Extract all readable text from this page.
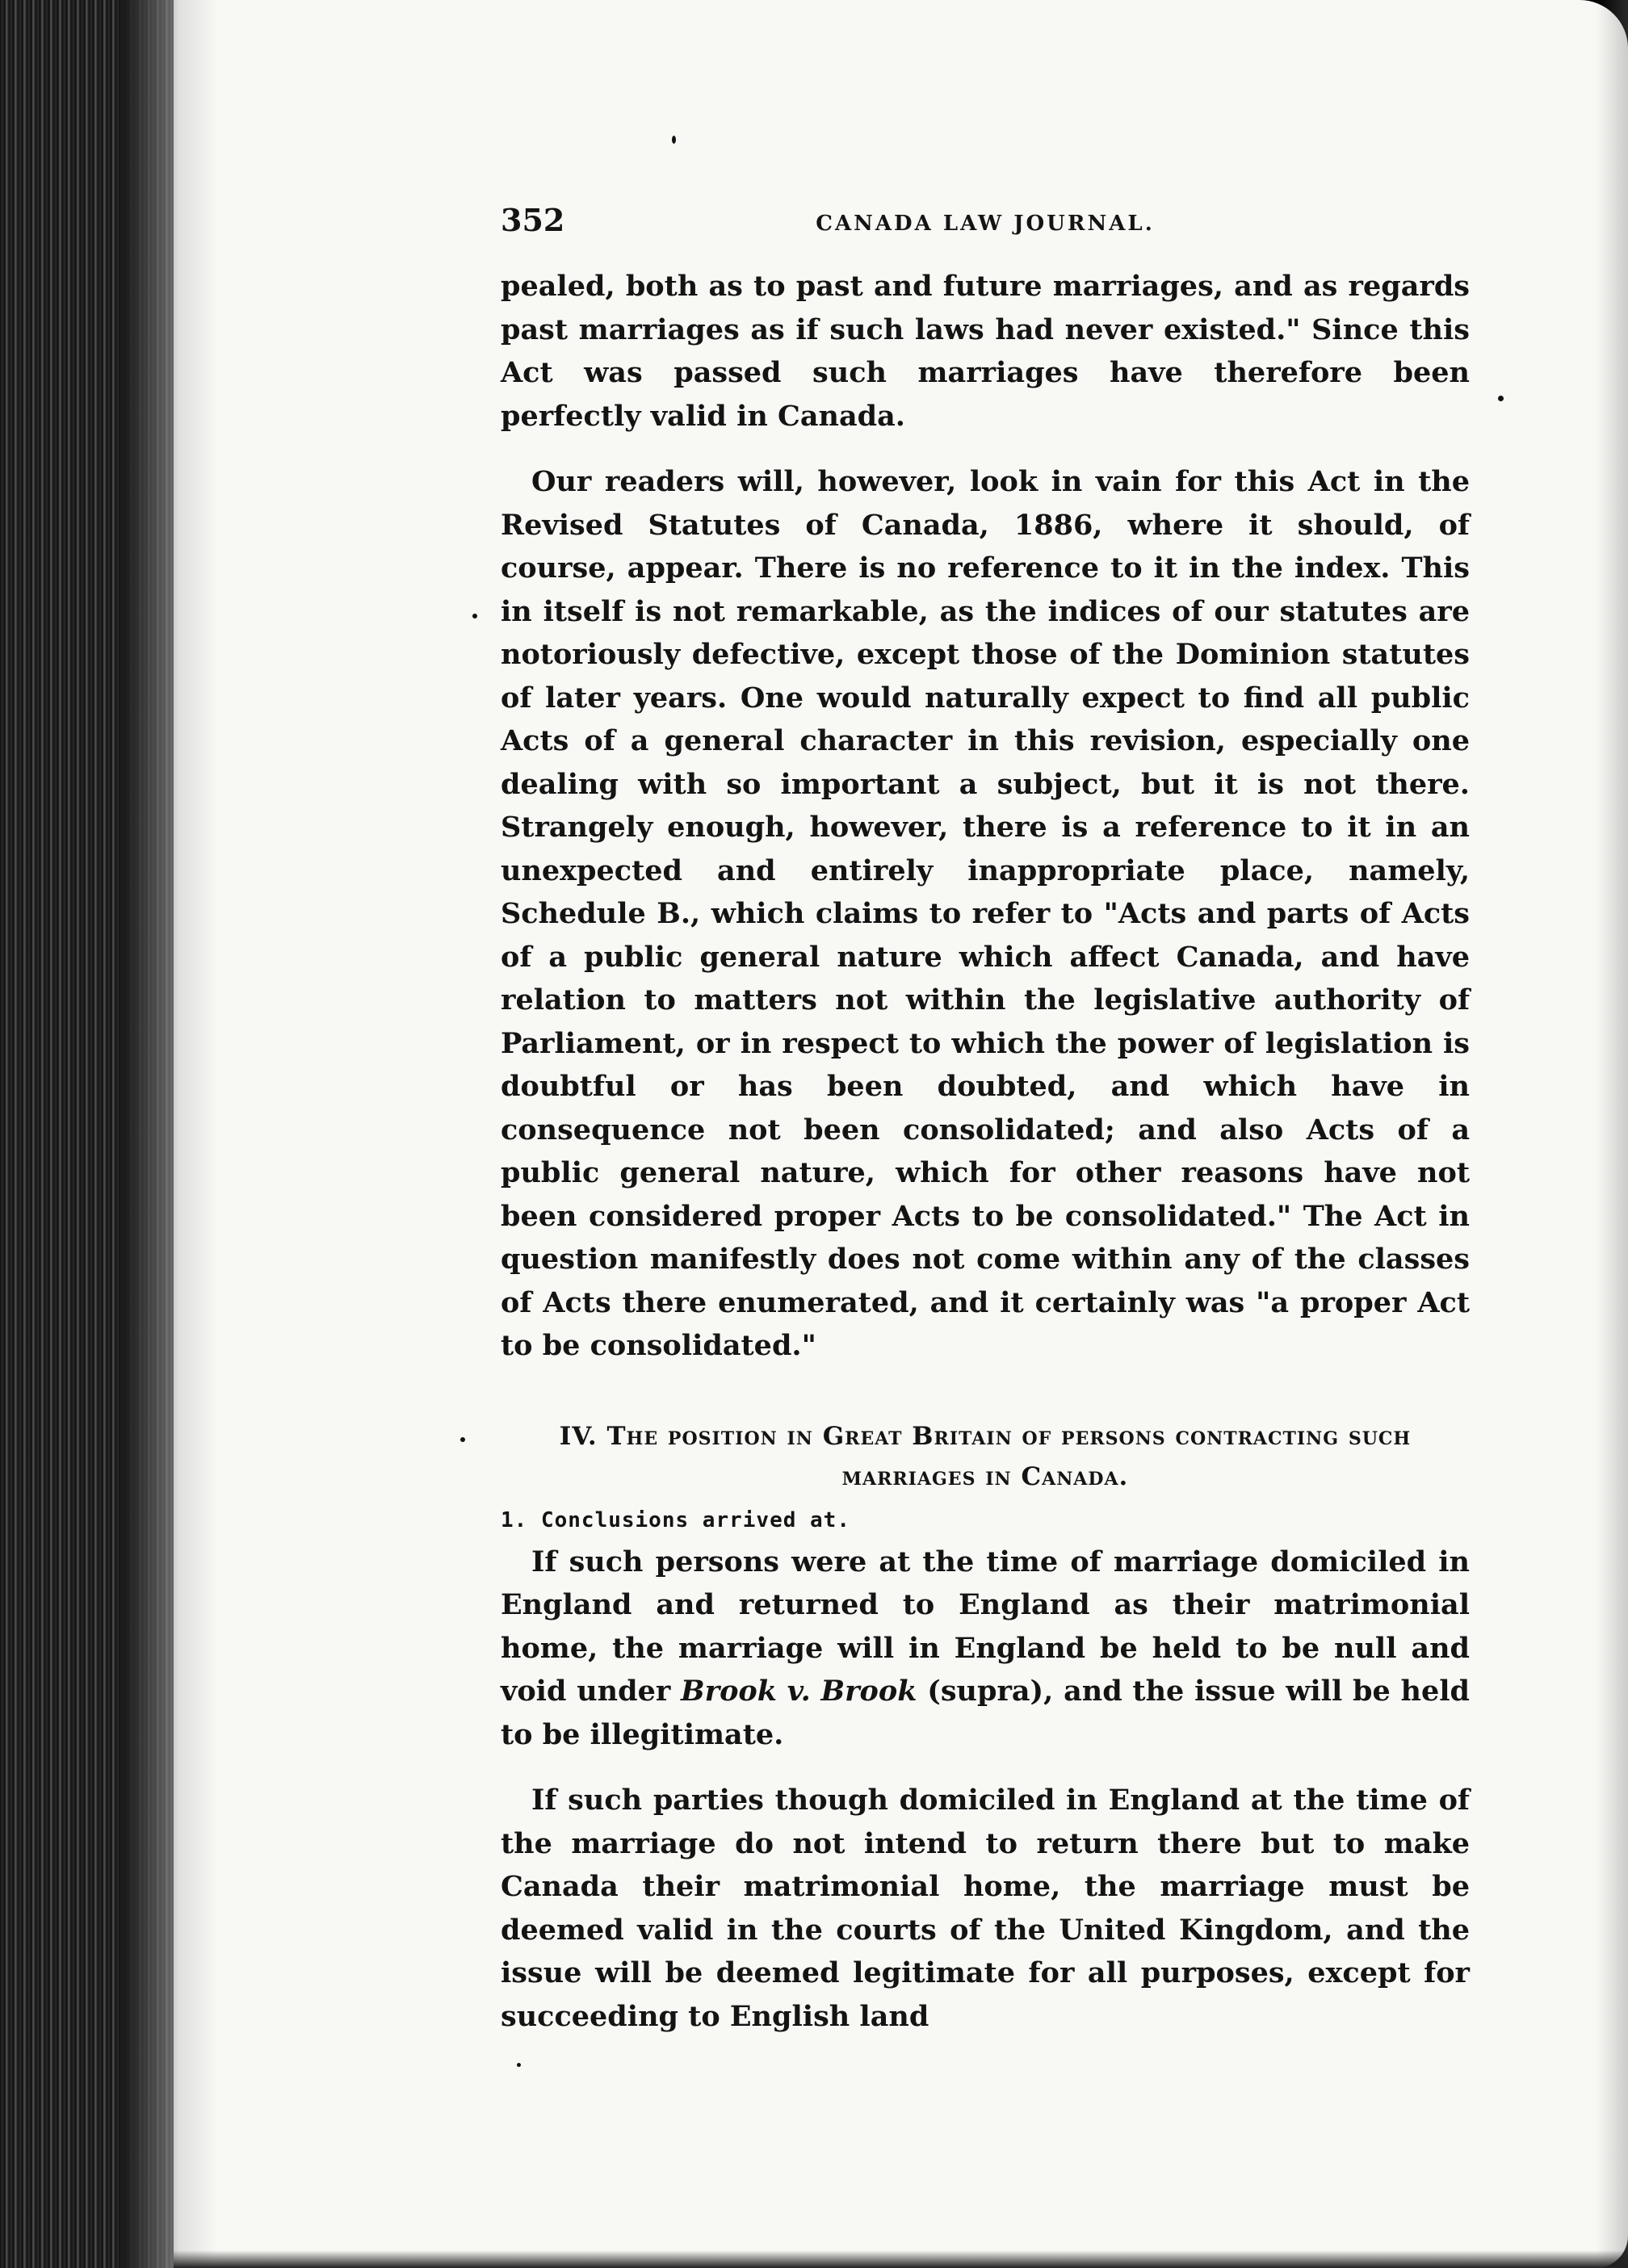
352	CANADA LAW JOURNAL.

pealed, both as to past and future marriages, and as regards past marriages as if such laws had never existed." Since this Act was passed such marriages have therefore been perfectly valid in Canada.

Our readers will, however, look in vain for this Act in the Revised Statutes of Canada, 1886, where it should, of course, appear. There is no reference to it in the index. This in itself is not remarkable, as the indices of our statutes are notoriously defective, except those of the Dominion statutes of later years. One would naturally expect to find all public Acts of a general character in this revision, especially one dealing with so important a subject, but it is not there. Strangely enough, however, there is a reference to it in an unexpected and entirely inappropriate place, namely, Schedule B., which claims to refer to "Acts and parts of Acts of a public general nature which affect Canada, and have relation to matters not within the legislative authority of Parliament, or in respect to which the power of legislation is doubtful or has been doubted, and which have in consequence not been consolidated; and also Acts of a public general nature, which for other reasons have not been considered proper Acts to be consolidated." The Act in question manifestly does not come within any of the classes of Acts there enumerated, and it certainly was "a proper Act to be consolidated."

IV. The position in Great Britain of persons contracting such marriages in Canada.

1. Conclusions arrived at.

If such persons were at the time of marriage domiciled in England and returned to England as their matrimonial home, the marriage will in England be held to be null and void under Brook v. Brook (supra), and the issue will be held to be illegitimate.

If such parties though domiciled in England at the time of the marriage do not intend to return there but to make Canada their matrimonial home, the marriage must be deemed valid in the courts of the United Kingdom, and the issue will be deemed legitimate for all purposes, except for succeeding to English land
